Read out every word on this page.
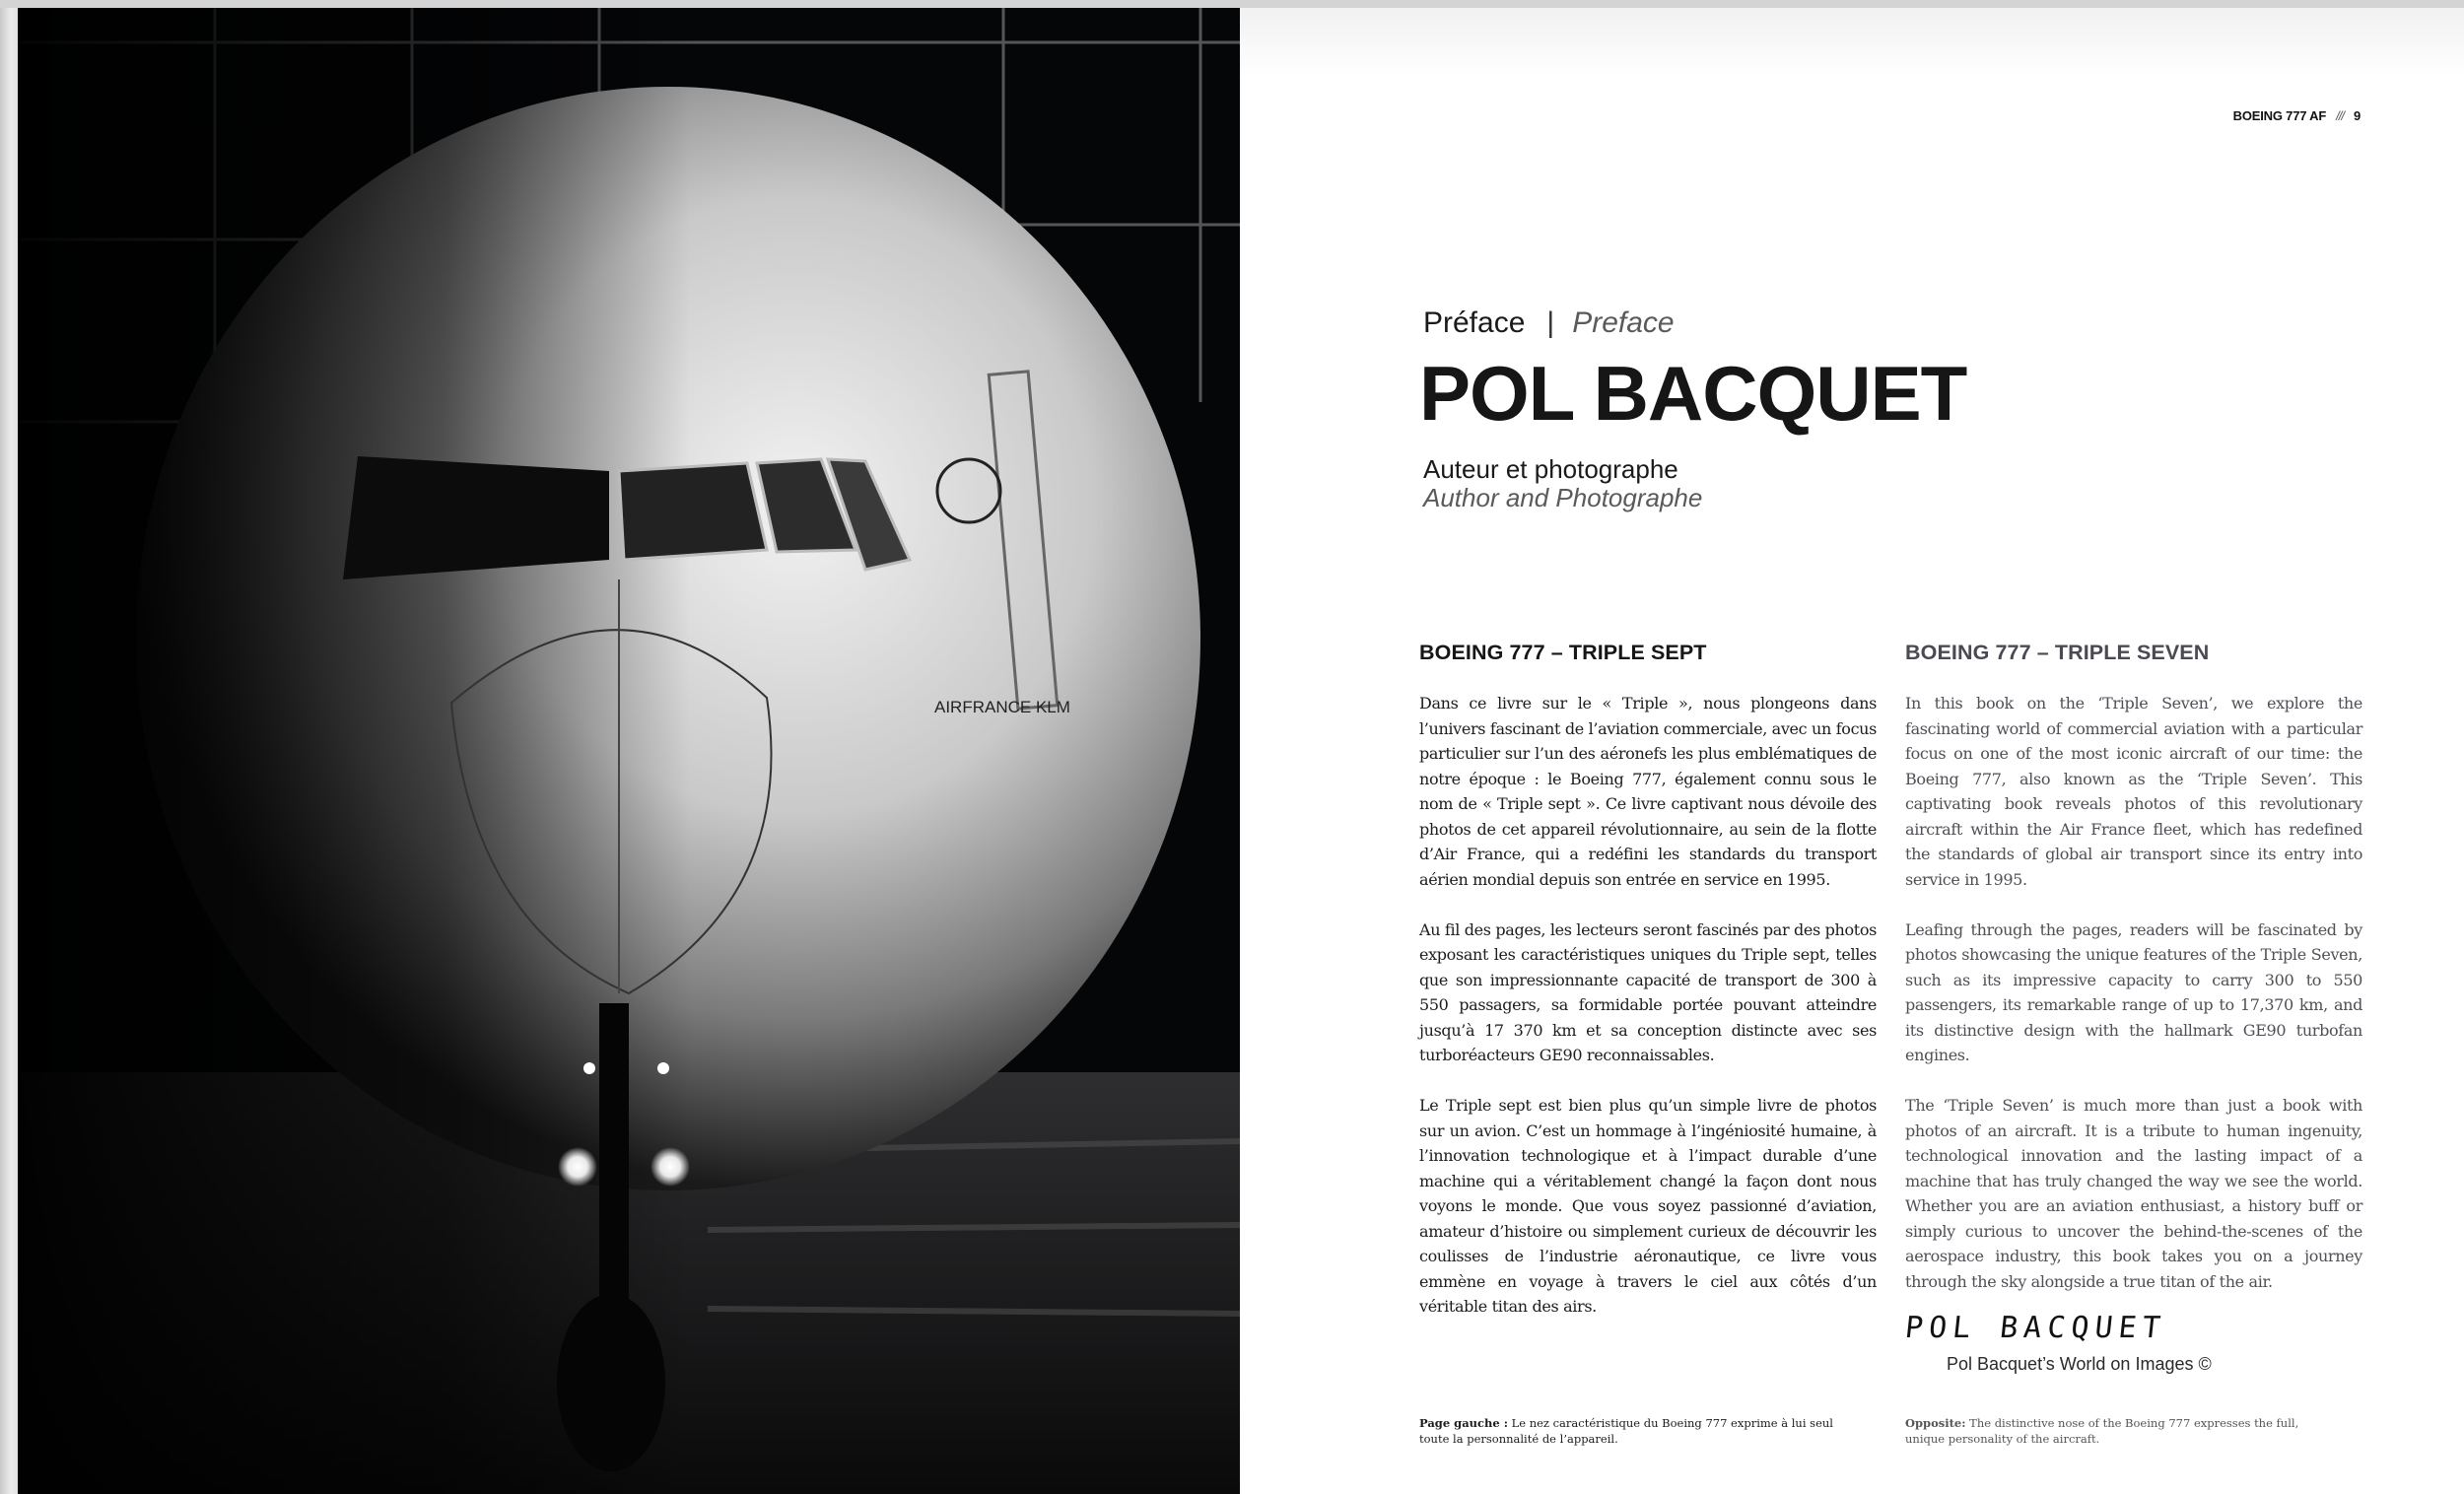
AIRFRANCE KLM
BOEING 777 AF /// 9
Préface | Preface
POL BACQUET
Auteur et photographe
Author and Photographe
BOEING 777 – TRIPLE SEPT

Dans ce livre sur le « Triple », nous plongeons dans l’univers fascinant de l’aviation commerciale, avec un focus particulier sur l’un des aéronefs les plus emblématiques de notre époque : le Boeing 777, également connu sous le nom de « Triple sept ». Ce livre captivant nous dévoile des photos de cet appareil révolutionnaire, au sein de la flotte d’Air France, qui a redéfini les standards du transport aérien mondial depuis son entrée en service en 1995.

Au fil des pages, les lecteurs seront fascinés par des photos exposant les caractéristiques uniques du Triple sept, telles que son impressionnante capacité de transport de 300 à 550 passagers, sa formidable portée pouvant atteindre jusqu’à 17 370 km et sa conception distincte avec ses turboréacteurs GE90 reconnaissables.

Le Triple sept est bien plus qu’un simple livre de photos sur un avion. C’est un hommage à l’ingéniosité humaine, à l’innovation technologique et à l’impact durable d’une machine qui a véritablement changé la façon dont nous voyons le monde. Que vous soyez passionné d’aviation, amateur d’histoire ou simplement curieux de découvrir les coulisses de l’industrie aéronautique, ce livre vous emmène en voyage à travers le ciel aux côtés d’un véritable titan des airs.

BOEING 777 – TRIPLE SEVEN

In this book on the ‘Triple Seven’, we explore the fascinating world of commercial aviation with a particular focus on one of the most iconic aircraft of our time: the Boeing 777, also known as the ‘Triple Seven’. This captivating book reveals photos of this revolutionary aircraft within the Air France fleet, which has redefined the standards of global air transport since its entry into service in 1995.

Leafing through the pages, readers will be fascinated by photos showcasing the unique features of the Triple Seven, such as its impressive capacity to carry 300 to 550 passengers, its remarkable range of up to 17,370 km, and its distinctive design with the hallmark GE90 turbofan engines.

The ‘Triple Seven’ is much more than just a book with photos of an aircraft. It is a tribute to human ingenuity, technological innovation and the lasting impact of a machine that has truly changed the way we see the world. Whether you are an aviation enthusiast, a history buff or simply curious to uncover the behind-the-scenes of the aerospace industry, this book takes you on a journey through the sky alongside a true titan of the air.

POL BACQUET
Pol Bacquet’s World on Images ©
Page gauche : Le nez caractéristique du Boeing 777 exprime à lui seul toute la personnalité de l’appareil.
Opposite: The distinctive nose of the Boeing 777 expresses the full, unique personality of the aircraft.
